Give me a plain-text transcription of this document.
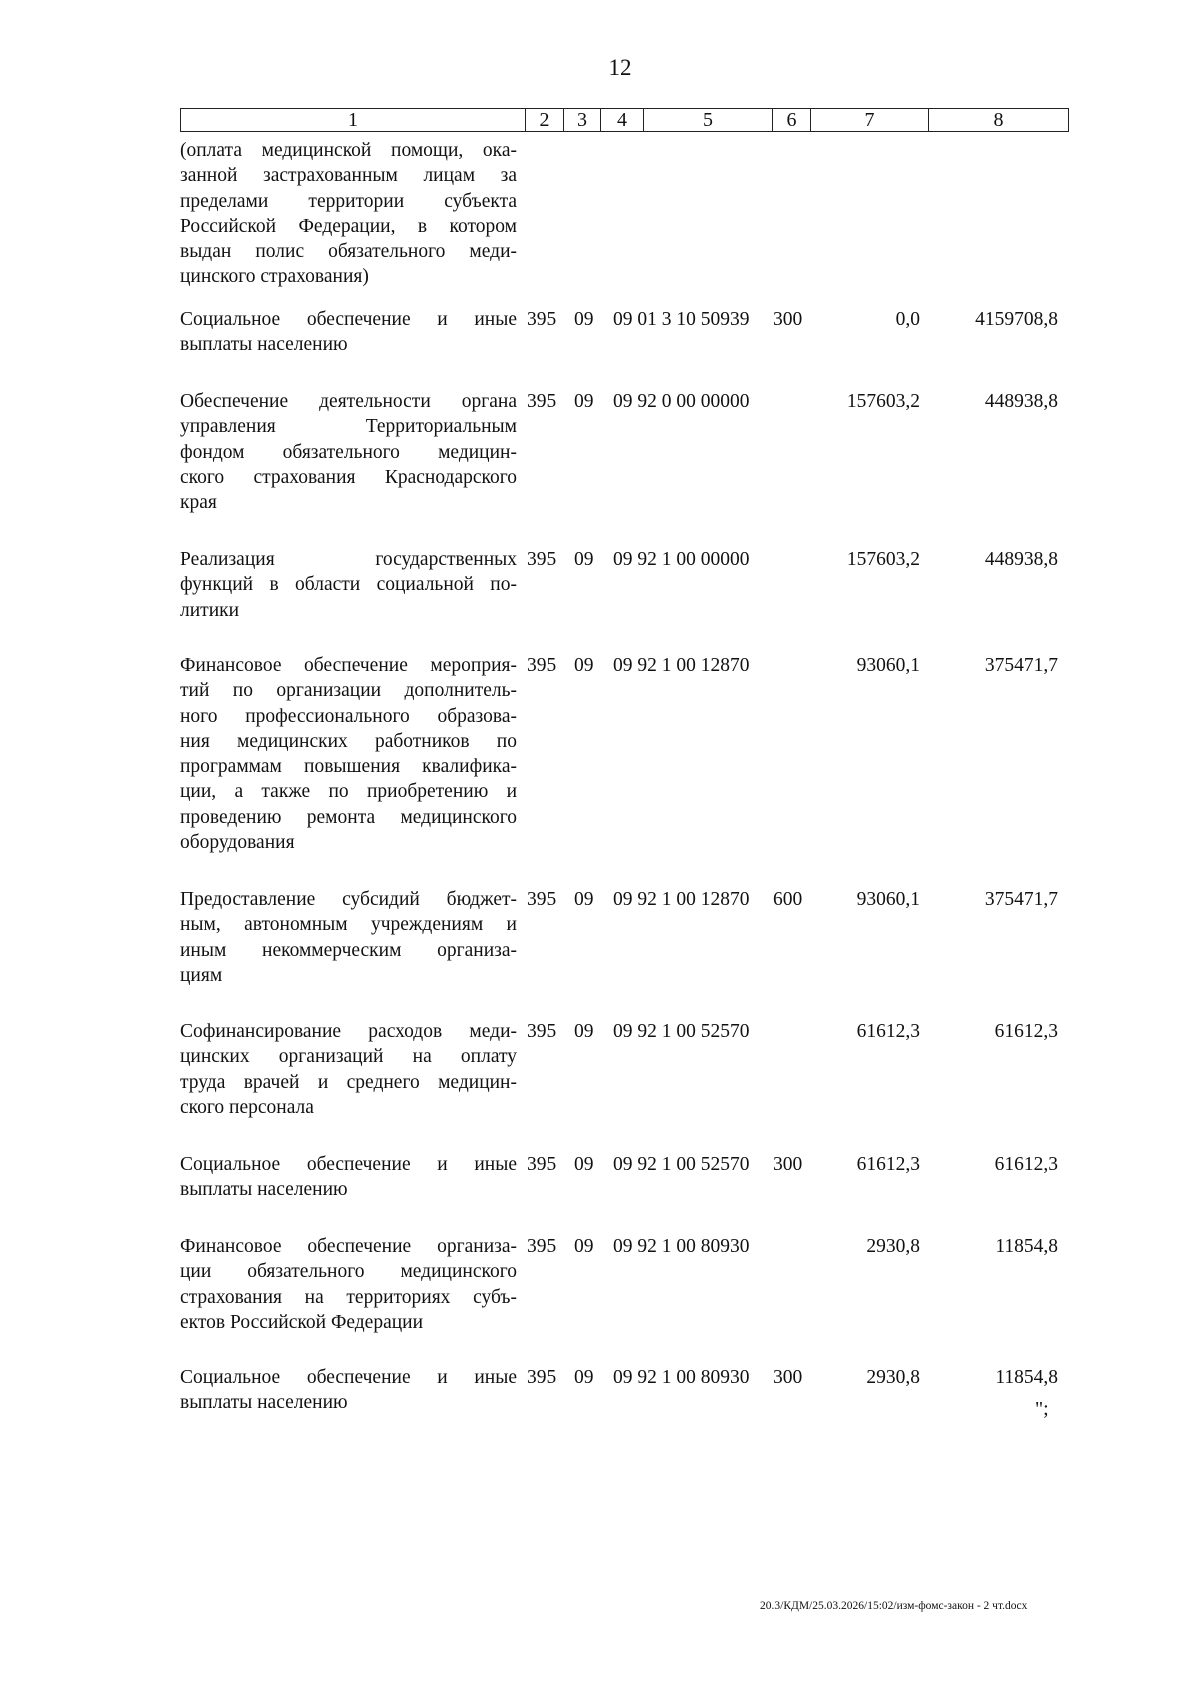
12
1	2	3	4	5	6	7	8
(оплата медицинской помощи, ока-
занной застрахованным лицам за
пределами территории субъекта
Российской Федерации, в котором
выдан полис обязательного меди-
цинского страхования)
Социальное обеспечение и иные
выплаты населению
395 09 09 01 3 10 50939 300	0,0	4159708,8
Обеспечение деятельности органа
управления Территориальным
фондом обязательного медицин-
ского страхования Краснодарского
края
395 09 09 92 0 00 00000	157603,2	448938,8
Реализация государственных
функций в области социальной по-
литики
395 09 09 92 1 00 00000	157603,2	448938,8
Финансовое обеспечение мероприя-
тий по организации дополнитель-
ного профессионального образова-
ния медицинских работников по
программам повышения квалифика-
ции, а также по приобретению и
проведению ремонта медицинского
оборудования
395 09 09 92 1 00 12870	93060,1	375471,7
Предоставление субсидий бюджет-
ным, автономным учреждениям и
иным некоммерческим организа-
циям
395 09 09 92 1 00 12870 600	93060,1	375471,7
Софинансирование расходов меди-
цинских организаций на оплату
труда врачей и среднего медицин-
ского персонала
395 09 09 92 1 00 52570	61612,3	61612,3
Социальное обеспечение и иные
выплаты населению
395 09 09 92 1 00 52570 300	61612,3	61612,3
Финансовое обеспечение организа-
ции обязательного медицинского
страхования на территориях субъ-
ектов Российской Федерации
395 09 09 92 1 00 80930	2930,8	11854,8
Социальное обеспечение и иные
выплаты населению
395 09 09 92 1 00 80930 300	2930,8	11854,8
";
20.3/КДМ/25.03.2026/15:02/изм-фомс-закон - 2 чт.docx
